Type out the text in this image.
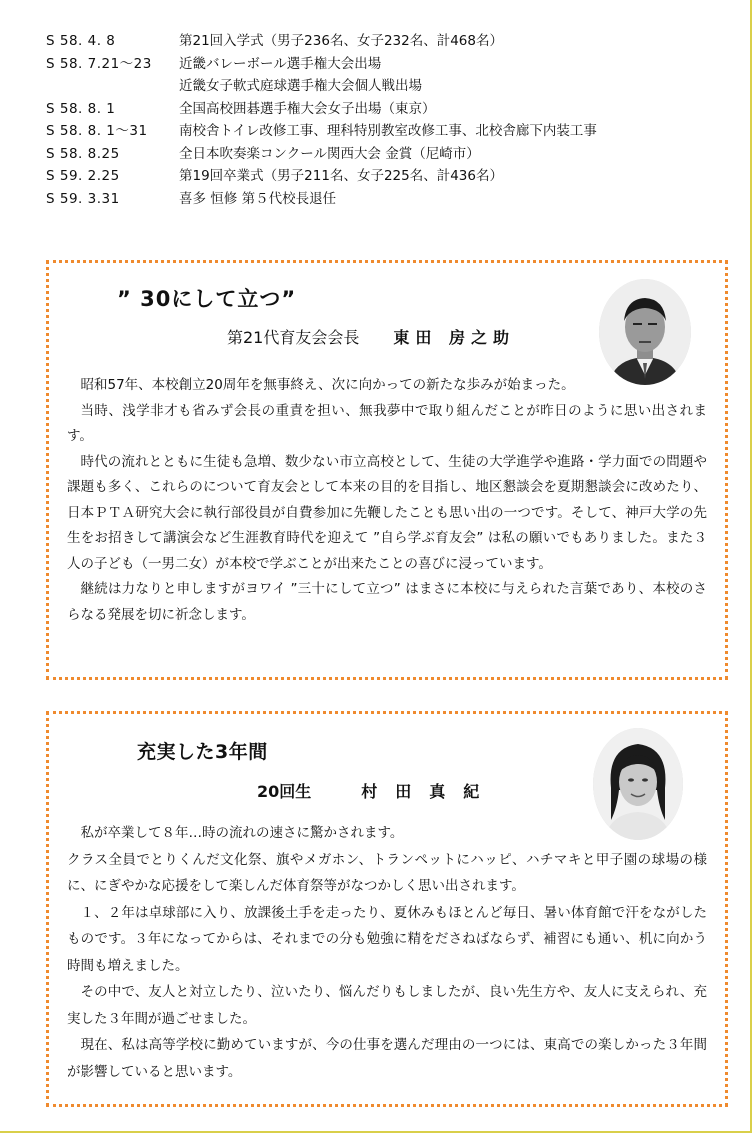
S 58. 4. 8	第21回入学式（男子236名、女子232名、計468名）
S 58. 7.21～23	近畿バレーボール選手権大会出場
近畿女子軟式庭球選手権大会個人戦出場
S 58. 8. 1	全国高校囲碁選手権大会女子出場（東京）
S 58. 8. 1～31	南校舎トイレ改修工事、理科特別教室改修工事、北校舎廊下内装工事
S 58. 8.25	全日本吹奏楽コンクール関西大会 金賞（尼崎市）
S 59. 2.25	第19回卒業式（男子211名、女子225名、計436名）
S 59. 3.31	喜多 恒修 第５代校長退任
” 30にして立つ”
第21代育友会会長 東田 房之助

昭和57年、本校創立20周年を無事終え、次に向かっての新たな歩みが始まった。

当時、浅学非才も省みず会長の重責を担い、無我夢中で取り組んだことが昨日のように思い出されます。

時代の流れとともに生徒も急増、数少ない市立高校として、生徒の大学進学や進路・学力面での問題や課題も多く、これらのについて育友会として本来の目的を目指し、地区懇談会を夏期懇談会に改めたり、日本ＰＴＡ研究大会に執行部役員が自費参加に先鞭したことも思い出の一つです。そして、神戸大学の先生をお招きして講演会など生涯教育時代を迎えて ”自ら学ぶ育友会” は私の願いでもありました。また３人の子ども（一男二女）が本校で学ぶことが出来たことの喜びに浸っています。

継続は力なりと申しますがヨワイ ”三十にして立つ” はまさに本校に与えられた言葉であり、本校のさらなる発展を切に祈念します。

充実した3年間
20回生	村田真紀

私が卒業して８年…時の流れの速さに驚かされます。

クラス全員でとりくんだ文化祭、旗やメガホン、トランペットにハッピ、ハチマキと甲子園の球場の様に、にぎやかな応援をして楽しんだ体育祭等がなつかしく思い出されます。

１、２年は卓球部に入り、放課後土手を走ったり、夏休みもほとんど毎日、暑い体育館で汗をながしたものです。３年になってからは、それまでの分も勉強に精をださねばならず、補習にも通い、机に向かう時間も増えました。

その中で、友人と対立したり、泣いたり、悩んだりもしましたが、良い先生方や、友人に支えられ、充実した３年間が過ごせました。

現在、私は高等学校に勤めていますが、今の仕事を選んだ理由の一つには、東高での楽しかった３年間が影響していると思います。
